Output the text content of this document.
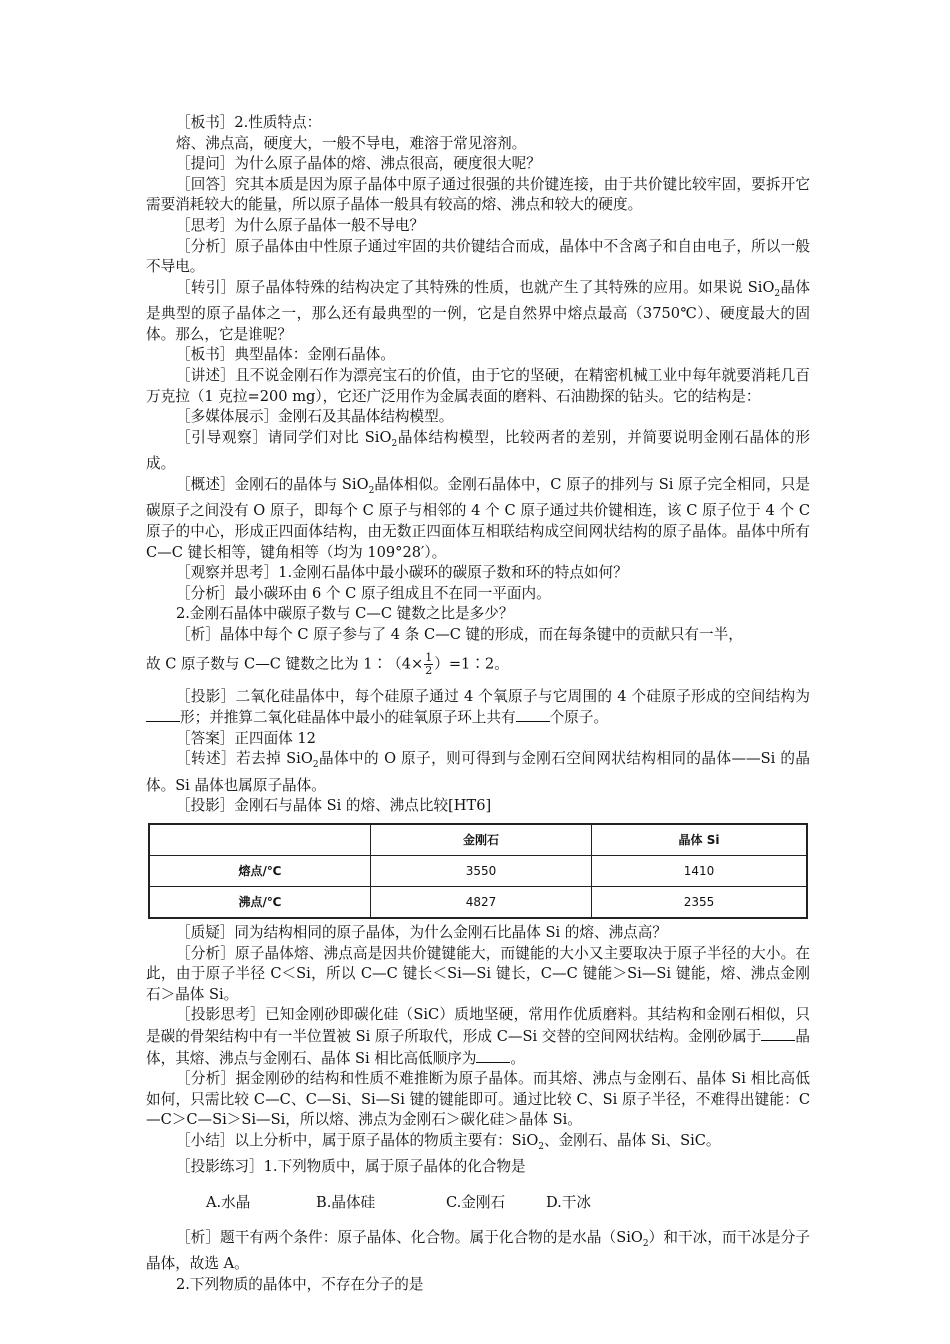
［板书］2.性质特点：

熔、沸点高，硬度大，一般不导电，难溶于常见溶剂。

［提问］为什么原子晶体的熔、沸点很高，硬度很大呢？

［回答］究其本质是因为原子晶体中原子通过很强的共价键连接，由于共价键比较牢固，要拆开它需要消耗较大的能量，所以原子晶体一般具有较高的熔、沸点和较大的硬度。

［思考］为什么原子晶体一般不导电？

［分析］原子晶体由中性原子通过牢固的共价键结合而成，晶体中不含离子和自由电子，所以一般不导电。

［转引］原子晶体特殊的结构决定了其特殊的性质，也就产生了其特殊的应用。如果说 SiO$_2$晶体是典型的原子晶体之一，那么还有最典型的一例，它是自然界中熔点最高（3750℃）、硬度最大的固体。那么，它是谁呢？

［板书］典型晶体：金刚石晶体。

［讲述］且不说金刚石作为漂亮宝石的价值，由于它的坚硬，在精密机械工业中每年就要消耗几百万克拉（1 克拉=200 mg），它还广泛用作为金属表面的磨料、石油勘探的钻头。它的结构是：

［多媒体展示］金刚石及其晶体结构模型。

［引导观察］请同学们对比 SiO$_2$晶体结构模型，比较两者的差别，并简要说明金刚石晶体的形成。

［概述］金刚石的晶体与 SiO$_2$晶体相似。金刚石晶体中，C 原子的排列与 Si 原子完全相同，只是碳原子之间没有 O 原子，即每个 C 原子与相邻的 4 个 C 原子通过共价键相连，该 C 原子位于 4 个 C 原子的中心，形成正四面体结构，由无数正四面体互相联结构成空间网状结构的原子晶体。晶体中所有 C—C 键长相等，键角相等（均为 109°28′）。

［观察并思考］1.金刚石晶体中最小碳环的碳原子数和环的特点如何？

［分析］最小碳环由 6 个 C 原子组成且不在同一平面内。

2.金刚石晶体中碳原子数与 C—C 键数之比是多少？

［析］晶体中每个 C 原子参与了 4 条 C—C 键的形成，而在每条键中的贡献只有一半，

故 C 原子数与 C—C 键数之比为 1∶（4× $\frac{1}{2}$ ）=1∶2。

［投影］二氧化硅晶体中，每个硅原子通过 4 个氧原子与它周围的 4 个硅原子形成的空间结构为形；并推算二氧化硅晶体中最小的硅氧原子环上共有 个原子。

［答案］正四面体 12

［转述］若去掉 SiO$_2$晶体中的 O 原子，则可得到与金刚石空间网状结构相同的晶体——Si 的晶体。Si 晶体也属原子晶体。

［投影］金刚石与晶体 Si 的熔、沸点比较[HT6]

	金刚石	晶体 Si
熔点/℃	3550	1410
沸点/℃	4827	2355

［质疑］同为结构相同的原子晶体，为什么金刚石比晶体 Si 的熔、沸点高？

［分析］原子晶体熔、沸点高是因共价键键能大，而键能的大小又主要取决于原子半径的大小。在此，由于原子半径 C＜Si，所以 C—C 键长＜Si—Si 键长，C—C 键能＞Si—Si 键能，熔、沸点金刚石＞晶体 Si。

［投影思考］已知金刚砂即碳化硅（SiC）质地坚硬，常用作优质磨料。其结构和金刚石相似，只是碳的骨架结构中有一半位置被 Si 原子所取代，形成 C—Si 交替的空间网状结构。金刚砂属于 晶体，其熔、沸点与金刚石、晶体 Si 相比高低顺序为 。

［分析］据金刚砂的结构和性质不难推断为原子晶体。而其熔、沸点与金刚石、晶体 Si 相比高低如何，只需比较 C—C、C—Si、Si—Si 键的键能即可。通过比较 C、Si 原子半径，不难得出键能：C—C＞C—Si＞Si—Si，所以熔、沸点为金刚石＞碳化硅＞晶体 Si。

［小结］以上分析中，属于原子晶体的物质主要有：SiO$_2$、金刚石、晶体 Si、SiC。

［投影练习］1.下列物质中，属于原子晶体的化合物是

A.水晶	B.晶体硅	C.金刚石	D.干冰

［析］题干有两个条件：原子晶体、化合物。属于化合物的是水晶（SiO$_2$）和干冰，而干冰是分子晶体，故选 A。

2.下列物质的晶体中，不存在分子的是
